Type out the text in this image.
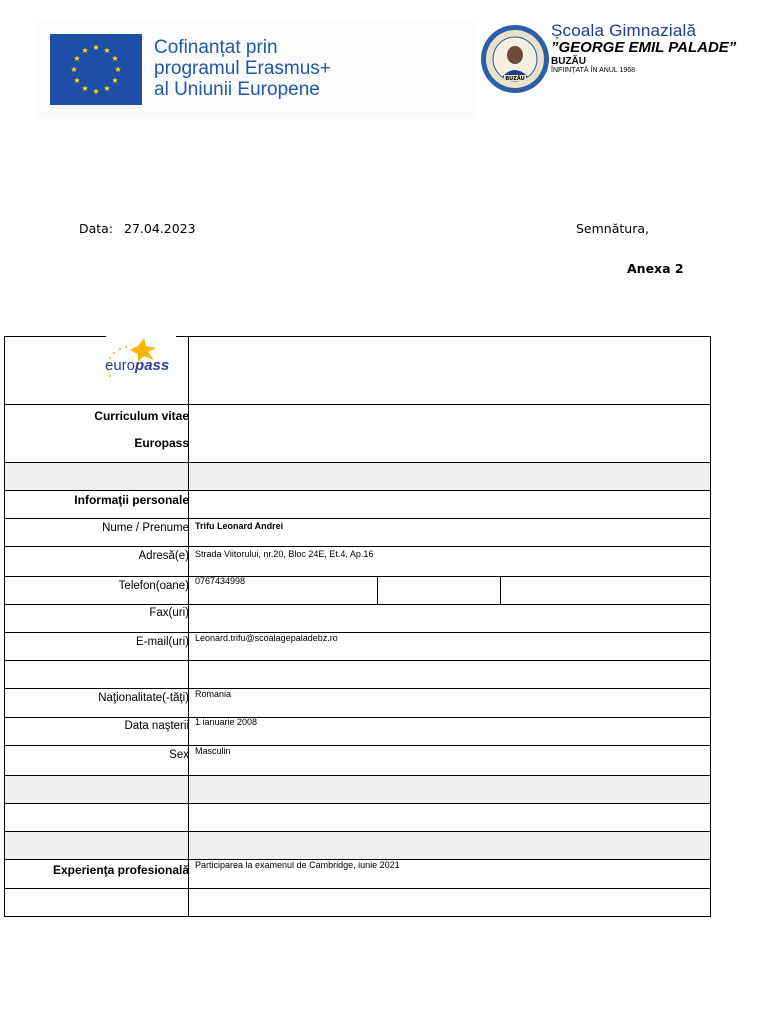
Cofinanțat prin
programul Erasmus+
al Uniunii Europene	BUZĂU
Școala Gimnazială
”GEORGE EMIL PALADE”
BUZĂU
ÎNFIINȚATĂ ÎN ANUL 1968
Data: 27.04.2023	Semnătura,
Anexa 2
europass
Curriculum vitae
Europass
Informaţii personale
Nume / Prenume Trifu Leonard Andrei
Adresă(e) Strada Viitorului, nr.20, Bloc 24E, Et.4, Ap.16
Telefon(oane) 0767434998
Fax(uri)
E-mail(uri) Leonard.trifu@scoalagepaladebz.ro
Naţionalitate(-tăţi) Romania
Data naşterii 1 ianuarie 2008
Sex Masculin
Experienţa profesională Participarea la examenul de Cambridge, iunie 2021
